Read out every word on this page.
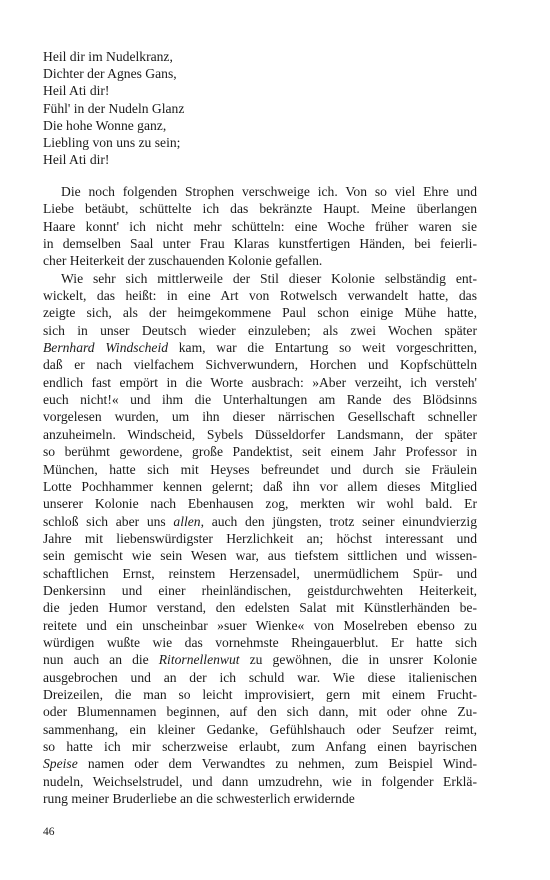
Heil dir im Nudelkranz,
Dichter der Agnes Gans,
Heil Ati dir!
Fühl' in der Nudeln Glanz
Die hohe Wonne ganz,
Liebling von uns zu sein;
Heil Ati dir!
Die noch folgenden Strophen verschweige ich. Von so viel Ehre und
Liebe betäubt, schüttelte ich das bekränzte Haupt. Meine überlangen
Haare konnt' ich nicht mehr schütteln: eine Woche früher waren sie
in demselben Saal unter Frau Klaras kunstfertigen Händen, bei feierli-
cher Heiterkeit der zuschauenden Kolonie gefallen.
Wie sehr sich mittlerweile der Stil dieser Kolonie selbständig ent-
wickelt, das heißt: in eine Art von Rotwelsch verwandelt hatte, das
zeigte sich, als der heimgekommene Paul schon einige Mühe hatte,
sich in unser Deutsch wieder einzuleben; als zwei Wochen später
Bernhard Windscheid kam, war die Entartung so weit vorgeschritten,
daß er nach vielfachem Sichverwundern, Horchen und Kopfschütteln
endlich fast empört in die Worte ausbrach: »Aber verzeiht, ich versteh'
euch nicht!« und ihm die Unterhaltungen am Rande des Blödsinns
vorgelesen wurden, um ihn dieser närrischen Gesellschaft schneller
anzuheimeln. Windscheid, Sybels Düsseldorfer Landsmann, der später
so berühmt gewordene, große Pandektist, seit einem Jahr Professor in
München, hatte sich mit Heyses befreundet und durch sie Fräulein
Lotte Pochhammer kennen gelernt; daß ihn vor allem dieses Mitglied
unserer Kolonie nach Ebenhausen zog, merkten wir wohl bald. Er
schloß sich aber uns allen, auch den jüngsten, trotz seiner einundvierzig
Jahre mit liebenswürdigster Herzlichkeit an; höchst interessant und
sein gemischt wie sein Wesen war, aus tiefstem sittlichen und wissen-
schaftlichen Ernst, reinstem Herzensadel, unermüdlichem Spür- und
Denkersinn und einer rheinländischen, geistdurchwehten Heiterkeit,
die jeden Humor verstand, den edelsten Salat mit Künstlerhänden be-
reitete und ein unscheinbar »suer Wienke« von Moselreben ebenso zu
würdigen wußte wie das vornehmste Rheingauerblut. Er hatte sich
nun auch an die Ritornellenwut zu gewöhnen, die in unsrer Kolonie
ausgebrochen und an der ich schuld war. Wie diese italienischen
Dreizeilen, die man so leicht improvisiert, gern mit einem Frucht-
oder Blumennamen beginnen, auf den sich dann, mit oder ohne Zu-
sammenhang, ein kleiner Gedanke, Gefühlshauch oder Seufzer reimt,
so hatte ich mir scherzweise erlaubt, zum Anfang einen bayrischen
Speise namen oder dem Verwandtes zu nehmen, zum Beispiel Wind-
nudeln, Weichselstrudel, und dann umzudrehn, wie in folgender Erklä-
rung meiner Bruderliebe an die schwesterlich erwidernde
46
